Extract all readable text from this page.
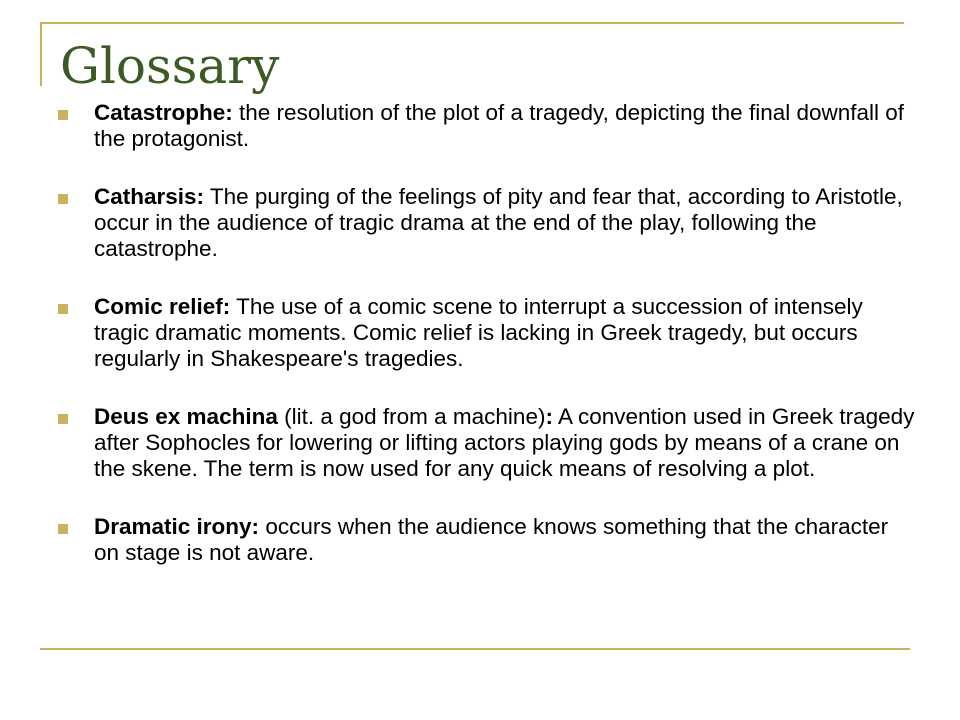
Glossary
Catastrophe: the resolution of the plot of a tragedy, depicting the final downfall of the protagonist.
Catharsis: The purging of the feelings of pity and fear that, according to Aristotle, occur in the audience of tragic drama at the end of the play, following the catastrophe.
Comic relief: The use of a comic scene to interrupt a succession of intensely tragic dramatic moments. Comic relief is lacking in Greek tragedy, but occurs regularly in Shakespeare's tragedies.
Deus ex machina (lit. a god from a machine): A convention used in Greek tragedy after Sophocles for lowering or lifting actors playing gods by means of a crane on the skene. The term is now used for any quick means of resolving a plot.
Dramatic irony: occurs when the audience knows something that the character on stage is not aware.
